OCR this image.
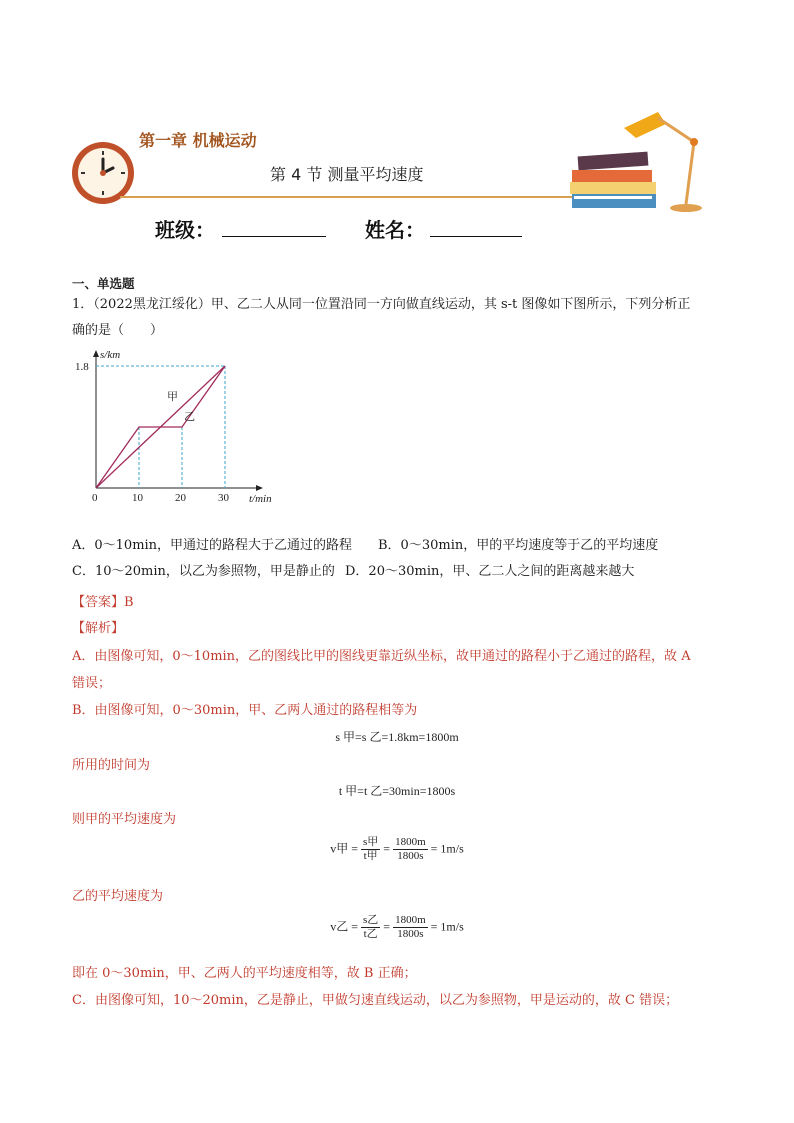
第一章 机械运动
第 4 节 测量平均速度
班级：	姓名：
一、单选题
1．（2022黑龙江绥化）甲、乙二人从同一位置沿同一方向做直线运动，其 s-t 图像如下图所示，下列分析正
确的是（　　）
甲
乙
0	10	20	30
1.8
t/min
s/km
A．0～10min，甲通过的路程大于乙通过的路程 B．0～30min，甲的平均速度等于乙的平均速度
C．10～20min，以乙为参照物，甲是静止的 D．20～30min，甲、乙二人之间的距离越来越大
【答案】B
【解析】
A．由图像可知，0～10min，乙的图线比甲的图线更靠近纵坐标，故甲通过的路程小于乙通过的路程，故 A
错误；
B．由图像可知，0～30min，甲、乙两人通过的路程相等为
s 甲=s 乙=1.8km=1800m
所用的时间为
t 甲=t 乙=30min=1800s
则甲的平均速度为
v甲 = $\frac{\text{s甲}}{\text{t甲}} = \frac{1800m}{1800s} = 1m/s$
乙的平均速度为
v乙 = $\frac{\text{s乙}}{\text{t乙}} = \frac{1800m}{1800s} = 1m/s$
即在 0～30min，甲、乙两人的平均速度相等，故 B 正确；
C．由图像可知，10～20min，乙是静止，甲做匀速直线运动，以乙为参照物，甲是运动的，故 C 错误；
